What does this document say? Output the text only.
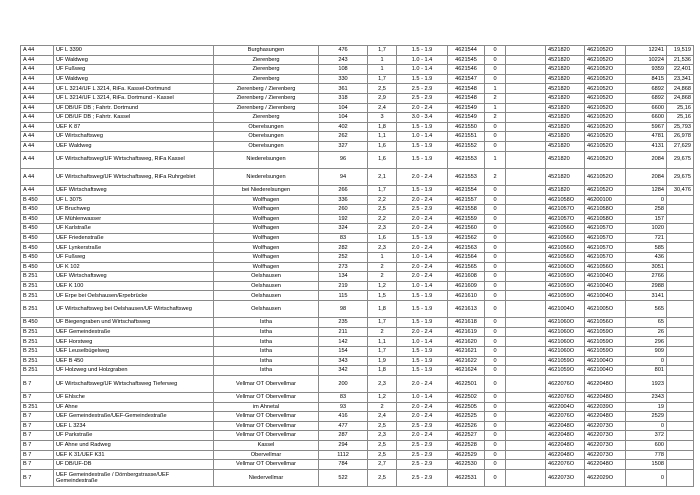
A 44	UF L 3390	Burghasungen	476	1,7	1.5 - 1.9	4621544	0		4521820	4621052O	12241	19,519
A 44	UF Waldweg	Zierenberg	243	1	1.0 - 1.4	4621545	0		4521820	4621052O	10224	21,536
A 44	UF Fußweg	Zierenberg	108	1	1.0 - 1.4	4621546	0		4521820	4621052O	9359	22,401
A 44	UF Waldweg	Zierenberg	330	1,7	1.5 - 1.9	4621547	0		4521820	4621052O	8415	23,341
A 44	UF L 3214/UF L 3214, RiFa. Kassel-Dortmund	Zierenberg / Zierenberg	361	2,5	2.5 - 2.9	4621548	1		4521820	4621052O	6892	24,868
A 44	UF L 3214/UF L 3214, RiFa. Dortmund - Kassel	Zierenberg / Zierenberg	318	2,9	2.5 - 2.9	4621548	2		4521820	4621052O	6892	24,868
A 44	UF DB/UF DB ; Fahrtr. Dortmund	Zierenberg / Zierenberg	104	2,4	2.0 - 2.4	4621549	1		4521820	4621052O	6600	25,16
A 44	UF DB/UF DB ; Fahrtr. Kassel	Zierenberg	104	3	3.0 - 3.4	4621549	2		4521820	4621052O	6600	25,16
A 44	UEF K 87	Oberelsungen	402	1,8	1.5 - 1.9	4621550	0		4521820	4621052O	5967	25,793
A 44	UF Wirtschaftsweg	Oberelsungen	262	1,1	1.0 - 1.4	4621551	0		4521820	4621052O	4781	26,978
A 44	UEF Waldweg	Oberelsungen	327	1,6	1.5 - 1.9	4621552	0		4521820	4621052O	4131	27,629
A 44	UF Wirtschaftsweg/UF Wirtschaftsweg, RiFa Kassel	Niederelsungen	96	1,6	1.5 - 1.9	4621553	1		4521820	4621052O	2084	29,675
A 44	UF Wirtschaftsweg/UF Wirtschaftsweg, RiFa Ruhrgebiet	Niederelsungen	94	2,1	2.0 - 2.4	4621553	2		4521820	4621052O	2084	29,675
A 44	UEF Wirtschaftsweg	bei Niederelsungen	266	1,7	1.5 - 1.9	4621554	0		4521820	4621052O	1284	30,476
B 450	UF L 3075	Wolfhagen	336	2,2	2.0 - 2.4	4621557	0		4621058O	46200100	0	
B 450	UF Bruchweg	Wolfhagen	260	2,5	2.5 - 2.9	4621558	0		4621057O	4621058O	258	
B 450	UF Mühlenwasser	Wolfhagen	192	2,2	2.0 - 2.4	4621559	0		4621057O	4621058O	157	
B 450	UF Karlstraße	Wolfhagen	324	2,3	2.0 - 2.4	4621560	0		4621056O	4621057O	1020	
B 450	UEF Friedenstraße	Wolfhagen	83	1,6	1.5 - 1.9	4621562	0		4621056O	4621057O	721	
B 450	UEF Lynkerstraße	Wolfhagen	282	2,3	2.0 - 2.4	4621563	0		4621056O	4621057O	585	
B 450	UF Fußweg	Wolfhagen	252	1	1.0 - 1.4	4621564	0		4621056O	4621057O	436	
B 450	UF K 102	Wolfhagen	273	2	2.0 - 2.4	4621565	0		4621060O	4621056O	3051	
B 251	UEF Wirtschaftsweg	Oelshausen	134	2	2.0 - 2.4	4621608	0		4621059O	4621004O	2766	
B 251	UEF K 100	Oelshausen	219	1,2	1.0 - 1.4	4621609	0		4621059O	4621004O	2988	
B 251	UF Erpe bei Oelshausen/Erpebrücke	Oelshausen	115	1,5	1.5 - 1.9	4621610	0		4621059O	4621004O	3141	
B 251	UF Wirtschaftsweg bei Oelshausen/UF Wirtschaftsweg	Oelshausen	98	1,8	1.5 - 1.9	4621613	0		4621004O	4621005O	565	
B 450	UF Biegengraben und Wirtschaftsweg	Istha	235	1,7	1.5 - 1.9	4621618	0		4621060O	4621056O	65	
B 251	UEF Gemeindestraße	Istha	211	2	2.0 - 2.4	4621619	0		4621060O	4621059O	26	
B 251	UEF Horstweg	Istha	142	1,1	1.0 - 1.4	4621620	0		4621060O	4621059O	296	
B 251	UEF Leuselbügelweg	Istha	154	1,7	1.5 - 1.9	4621621	0		4621060O	4621059O	909	
B 251	UEF B 450	Istha	343	1,9	1.5 - 1.9	4621622	0		4621059O	4621004O	0	
B 251	UF Holzweg und Holzgraben	Istha	342	1,8	1.5 - 1.9	4621624	0		4621059O	4621004O	801	
B 7	UF Wirtschaftsweg/UF Wirtschaftsweg Tieferweg	Vellmar OT Obervellmar	200	2,3	2.0 - 2.4	4622501	0		4622076O	4622048O	1923	
B 7	UF Ehlsche	Vellmar OT Obervellmar	83	1,2	1.0 - 1.4	4622502	0		4622076O	4622048O	2343	
B 251	UF Ahne	im Ahnetal	93	2	2.0 - 2.4	4622505	0		4622004O	4622039O	19	
B 7	UEF Gemeindestraße/UEF-Gemeindestraße	Vellmar OT Obervellmar	416	2,4	2.0 - 2.4	4622525	0		4622076O	4622048O	2529	
B 7	UEF L 3234	Vellmar OT Obervellmar	477	2,5	2.5 - 2.9	4622526	0		4622048O	4622073O	0	
B 7	UF Parkstraße	Vellmar OT Obervellmar	287	2,3	2.0 - 2.4	4622527	0		4622048O	4622073O	372	
B 7	UF Ahne und Radweg	Kassel	294	2,5	2.5 - 2.9	4622528	0		4622048O	4622073O	600	
B 7	UEF K 31/UEF K31	Obervellmar	1112	2,5	2.5 - 2.9	4622529	0		4622048O	4622073O	778	
B 7	UF DB/UF-DB	Vellmar OT Obervellmar	784	2,7	2.5 - 2.9	4622530	0		4622076O	4622048O	1508	
B 7	UEF Gemeindestraße / Dörnbergstrasse/UEF Gemeindestraße	Niedervellmar	522	2,5	2.5 - 2.9	4622531	0		4622073O	4622029O	0	
